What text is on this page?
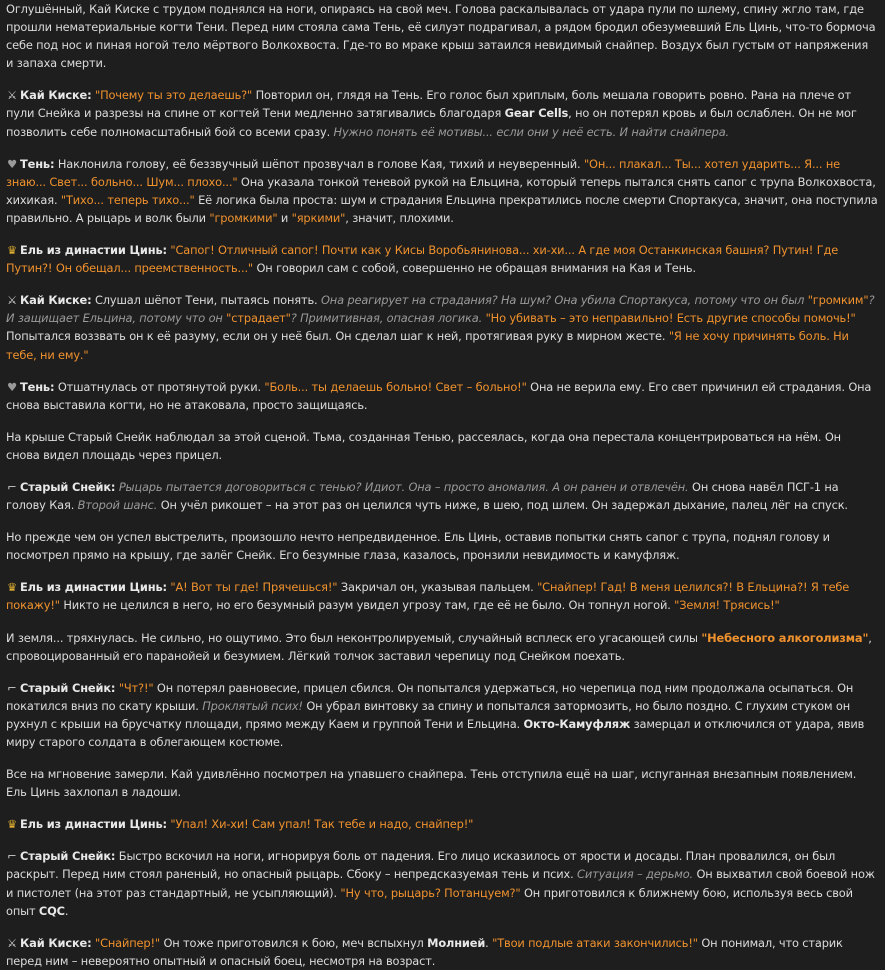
Оглушённый, Кай Киске с трудом поднялся на ноги, опираясь на свой меч. Голова раскалывалась от удара пули по шлему, спину жгло там, где прошли нематериальные когти Тени. Перед ним стояла сама Тень, её силуэт подрагивал, а рядом бродил обезумевший Ель Цинь, что-то бормоча себе под нос и пиная ногой тело мёртвого Волкохвоста. Где-то во мраке крыш затаился невидимый снайпер. Воздух был густым от напряжения и запаха смерти.

⚔ Кай Киске: "Почему ты это делаешь?" Повторил он, глядя на Тень. Его голос был хриплым, боль мешала говорить ровно. Рана на плече от пули Снейка и разрезы на спине от когтей Тени медленно затягивались благодаря Gear Cells, но он потерял кровь и был ослаблен. Он не мог позволить себе полномасштабный бой со всеми сразу. Нужно понять её мотивы... если они у неё есть. И найти снайпера.

♥ Тень: Наклонила голову, её беззвучный шёпот прозвучал в голове Кая, тихий и неуверенный. "Он... плакал... Ты... хотел ударить... Я... не знаю... Свет... больно... Шум... плохо..." Она указала тонкой теневой рукой на Ельцина, который теперь пытался снять сапог с трупа Волкохвоста, хихикая. "Тихо... теперь тихо..." Её логика была проста: шум и страдания Ельцина прекратились после смерти Спортакуса, значит, она поступила правильно. А рыцарь и волк были "громкими" и "яркими", значит, плохими.

♛ Ель из династии Цинь: "Сапог! Отличный сапог! Почти как у Кисы Воробьянинова... хи-хи... А где моя Останкинская башня? Путин! Где Путин?! Он обещал... преемственность..." Он говорил сам с собой, совершенно не обращая внимания на Кая и Тень.

⚔ Кай Киске: Слушал шёпот Тени, пытаясь понять. Она реагирует на страдания? На шум? Она убила Спортакуса, потому что он был "громким"? И защищает Ельцина, потому что он "страдает"? Примитивная, опасная логика. "Но убивать – это неправильно! Есть другие способы помочь!" Попытался воззвать он к её разуму, если он у неё был. Он сделал шаг к ней, протягивая руку в мирном жесте. "Я не хочу причинять боль. Ни тебе, ни ему."

♥ Тень: Отшатнулась от протянутой руки. "Боль... ты делаешь больно! Свет – больно!" Она не верила ему. Его свет причинил ей страдания. Она снова выставила когти, но не атаковала, просто защищаясь.

На крыше Старый Снейк наблюдал за этой сценой. Тьма, созданная Тенью, рассеялась, когда она перестала концентрироваться на нём. Он снова видел площадь через прицел.

⌐ Старый Снейк: Рыцарь пытается договориться с тенью? Идиот. Она – просто аномалия. А он ранен и отвлечён. Он снова навёл ПСГ-1 на голову Кая. Второй шанс. Он учёл рикошет – на этот раз он целился чуть ниже, в шею, под шлем. Он задержал дыхание, палец лёг на спуск.

Но прежде чем он успел выстрелить, произошло нечто непредвиденное. Ель Цинь, оставив попытки снять сапог с трупа, поднял голову и посмотрел прямо на крышу, где залёг Снейк. Его безумные глаза, казалось, пронзили невидимость и камуфляж.

♛ Ель из династии Цинь: "А! Вот ты где! Прячешься!" Закричал он, указывая пальцем. "Снайпер! Гад! В меня целился?! В Ельцина?! Я тебе покажу!" Никто не целился в него, но его безумный разум увидел угрозу там, где её не было. Он топнул ногой. "Земля! Трясись!"

И земля... тряхнулась. Не сильно, но ощутимо. Это был неконтролируемый, случайный всплеск его угасающей силы "Небесного алкоголизма", спровоцированный его паранойей и безумием. Лёгкий толчок заставил черепицу под Снейком поехать.

⌐ Старый Снейк: "Чт?!" Он потерял равновесие, прицел сбился. Он попытался удержаться, но черепица под ним продолжала осыпаться. Он покатился вниз по скату крыши. Проклятый псих! Он убрал винтовку за спину и попытался затормозить, но было поздно. С глухим стуком он рухнул с крыши на брусчатку площади, прямо между Каем и группой Тени и Ельцина. Окто-Камуфляж замерцал и отключился от удара, явив миру старого солдата в облегающем костюме.

Все на мгновение замерли. Кай удивлённо посмотрел на упавшего снайпера. Тень отступила ещё на шаг, испуганная внезапным появлением. Ель Цинь захлопал в ладоши.

♛ Ель из династии Цинь: "Упал! Хи-хи! Сам упал! Так тебе и надо, снайпер!"

⌐ Старый Снейк: Быстро вскочил на ноги, игнорируя боль от падения. Его лицо исказилось от ярости и досады. План провалился, он был раскрыт. Перед ним стоял раненый, но опасный рыцарь. Сбоку – непредсказуемая тень и псих. Ситуация – дерьмо. Он выхватил свой боевой нож и пистолет (на этот раз стандартный, не усыпляющий). "Ну что, рыцарь? Потанцуем?" Он приготовился к ближнему бою, используя весь свой опыт CQC.

⚔ Кай Киске: "Снайпер!" Он тоже приготовился к бою, меч вспыхнул Молнией. "Твои подлые атаки закончились!" Он понимал, что старик перед ним – невероятно опытный и опасный боец, несмотря на возраст.
